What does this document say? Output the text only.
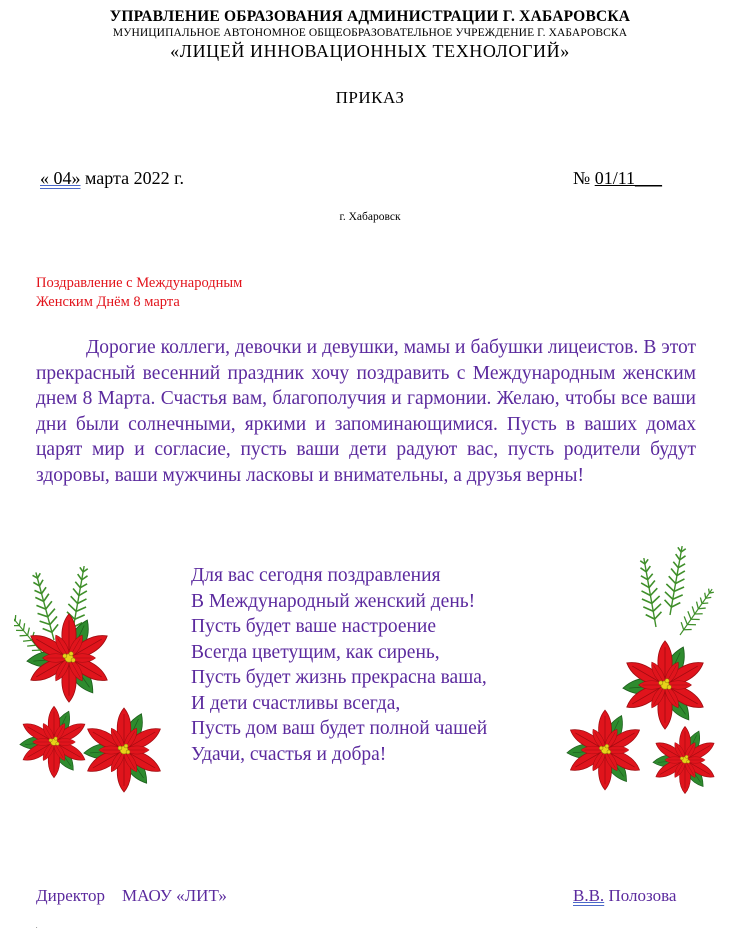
УПРАВЛЕНИЕ ОБРАЗОВАНИЯ АДМИНИСТРАЦИИ Г. ХАБАРОВСКА
МУНИЦИПАЛЬНОЕ АВТОНОМНОЕ ОБЩЕОБРАЗОВАТЕЛЬНОЕ УЧРЕЖДЕНИЕ Г. ХАБАРОВСКА
«ЛИЦЕЙ ИННОВАЦИОННЫХ ТЕХНОЛОГИЙ»
ПРИКАЗ
« 04» марта 2022 г.	№ 01/11___
г. Хабаровск
Поздравление с Международным
Женским Днём 8 марта

Дорогие коллеги, девочки и девушки, мамы и бабушки лицеистов. В этот прекрасный весенний праздник хочу поздравить с Международным женским днем 8 Марта. Счастья вам, благополучия и гармонии. Желаю, чтобы все ваши дни были солнечными, яркими и запоминающимися. Пусть в ваших домах царят мир и согласие, пусть ваши дети радуют вас, пусть родители будут здоровы, ваши мужчины ласковы и внимательны, а друзья верны!

Для вас сегодня поздравления
В Международный женский день!
Пусть будет ваше настроение
Всегда цветущим, как сирень,
Пусть будет жизнь прекрасна ваша,
И дети счастливы всегда,
Пусть дом ваш будет полной чашей
Удачи, счастья и добра!
Директор    МАОУ «ЛИТ»	В.В. Полозова
.
